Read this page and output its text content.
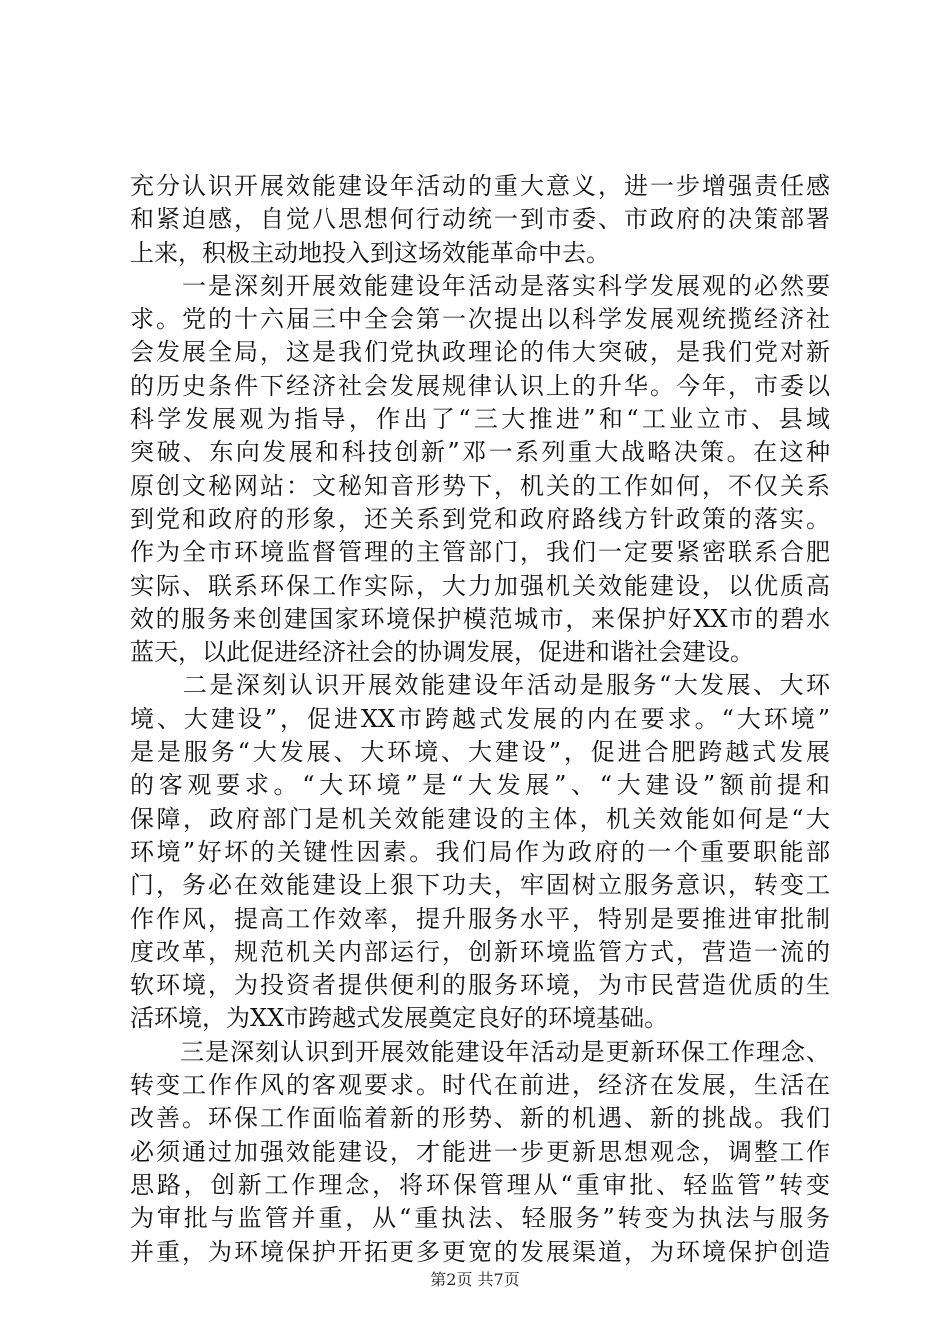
充分认识开展效能建设年活动的重大意义，进一步增强责任感
和紧迫感，自觉八思想何行动统一到市委、市政府的决策部署
上来，积极主动地投入到这场效能革命中去。
　　一是深刻开展效能建设年活动是落实科学发展观的必然要
求。党的十六届三中全会第一次提出以科学发展观统揽经济社
会发展全局，这是我们党执政理论的伟大突破，是我们党对新
的历史条件下经济社会发展规律认识上的升华。今年，市委以
科学发展观为指导，作出了“三大推进”和“工业立市、县域
突破、东向发展和科技创新”邓一系列重大战略决策。在这种
原创文秘网站：文秘知音形势下，机关的工作如何，不仅关系
到党和政府的形象，还关系到党和政府路线方针政策的落实。
作为全市环境监督管理的主管部门，我们一定要紧密联系合肥
实际、联系环保工作实际，大力加强机关效能建设，以优质高
效的服务来创建国家环境保护模范城市，来保护好XX市的碧水
蓝天，以此促进经济社会的协调发展，促进和谐社会建设。
　　二是深刻认识开展效能建设年活动是服务“大发展、大环
境、大建设”，促进XX市跨越式发展的内在要求。“大环境”
是是服务“大发展、大环境、大建设”，促进合肥跨越式发展
的客观要求。“大环境”是“大发展”、“大建设”额前提和
保障，政府部门是机关效能建设的主体，机关效能如何是“大
环境”好坏的关键性因素。我们局作为政府的一个重要职能部
门，务必在效能建设上狠下功夫，牢固树立服务意识，转变工
作作风，提高工作效率，提升服务水平，特别是要推进审批制
度改革，规范机关内部运行，创新环境监管方式，营造一流的
软环境，为投资者提供便利的服务环境，为市民营造优质的生
活环境，为XX市跨越式发展奠定良好的环境基础。
　　三是深刻认识到开展效能建设年活动是更新环保工作理念、
转变工作作风的客观要求。时代在前进，经济在发展，生活在
改善。环保工作面临着新的形势、新的机遇、新的挑战。我们
必须通过加强效能建设，才能进一步更新思想观念，调整工作
思路，创新工作理念，将环保管理从“重审批、轻监管”转变
为审批与监管并重，从“重执法、轻服务”转变为执法与服务
并重，为环境保护开拓更多更宽的发展渠道，为环境保护创造
第2页 共7页
